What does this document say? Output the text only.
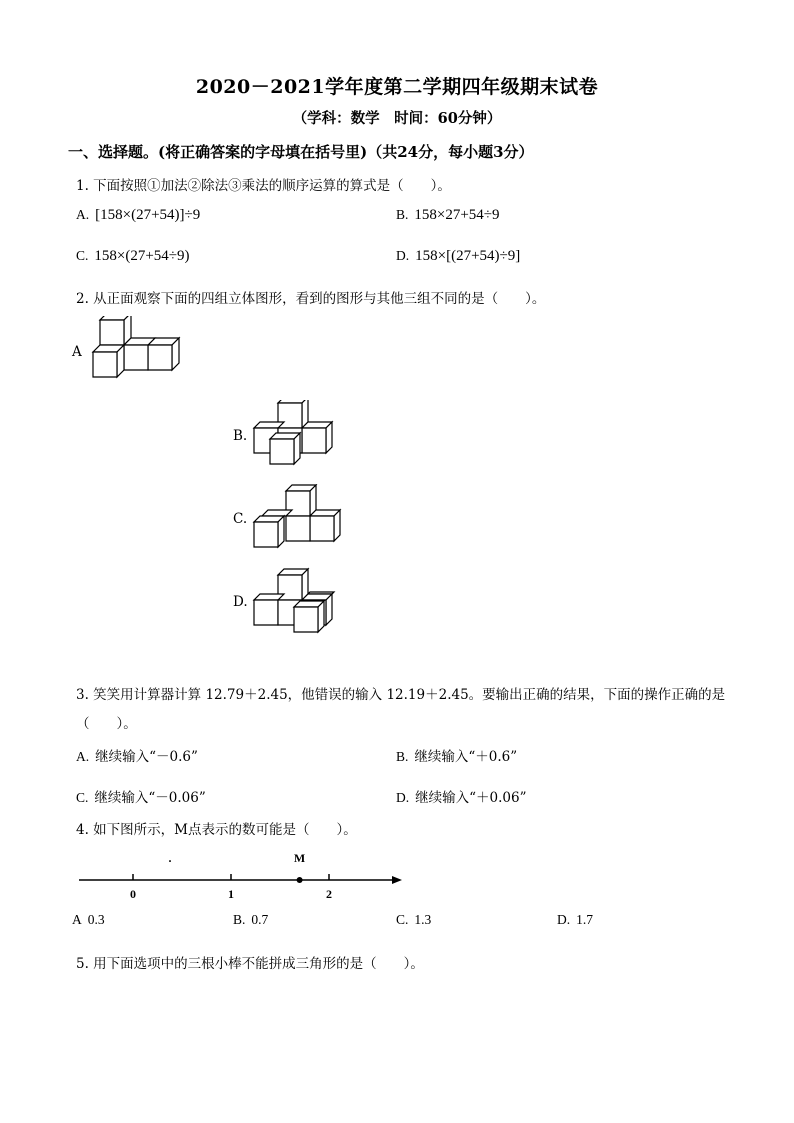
2020－2021学年度第二学期四年级期末试卷
（学科：数学　时间：60分钟）
一、选择题。(将正确答案的字母填在括号里)（共24分，每小题3分）
1. 下面按照①加法②除法③乘法的顺序运算的算式是（　　）。
A. [158×(27+54)]÷9	B. 158×27+54÷9
C. 158×(27+54÷9)	D. 158×[(27+54)÷9]
2. 从正面观察下面的四组立体图形，看到的图形与其他三组不同的是（　　）。
A
B.
C.
D.
3. 笑笑用计算器计算 12.79＋2.45，他错误的输入 12.19＋2.45。要输出正确的结果，下面的操作正确的是
（　　）。
A. 继续输入“－0.6”	B. 继续输入“＋0.6”
C. 继续输入“－0.06”	D. 继续输入“＋0.06”
4. 如下图所示，M点表示的数可能是（　　）。
0	1	2
M
.
A 0.3	B. 0.7	C. 1.3	D. 1.7
5. 用下面选项中的三根小棒不能拼成三角形的是（　　）。
